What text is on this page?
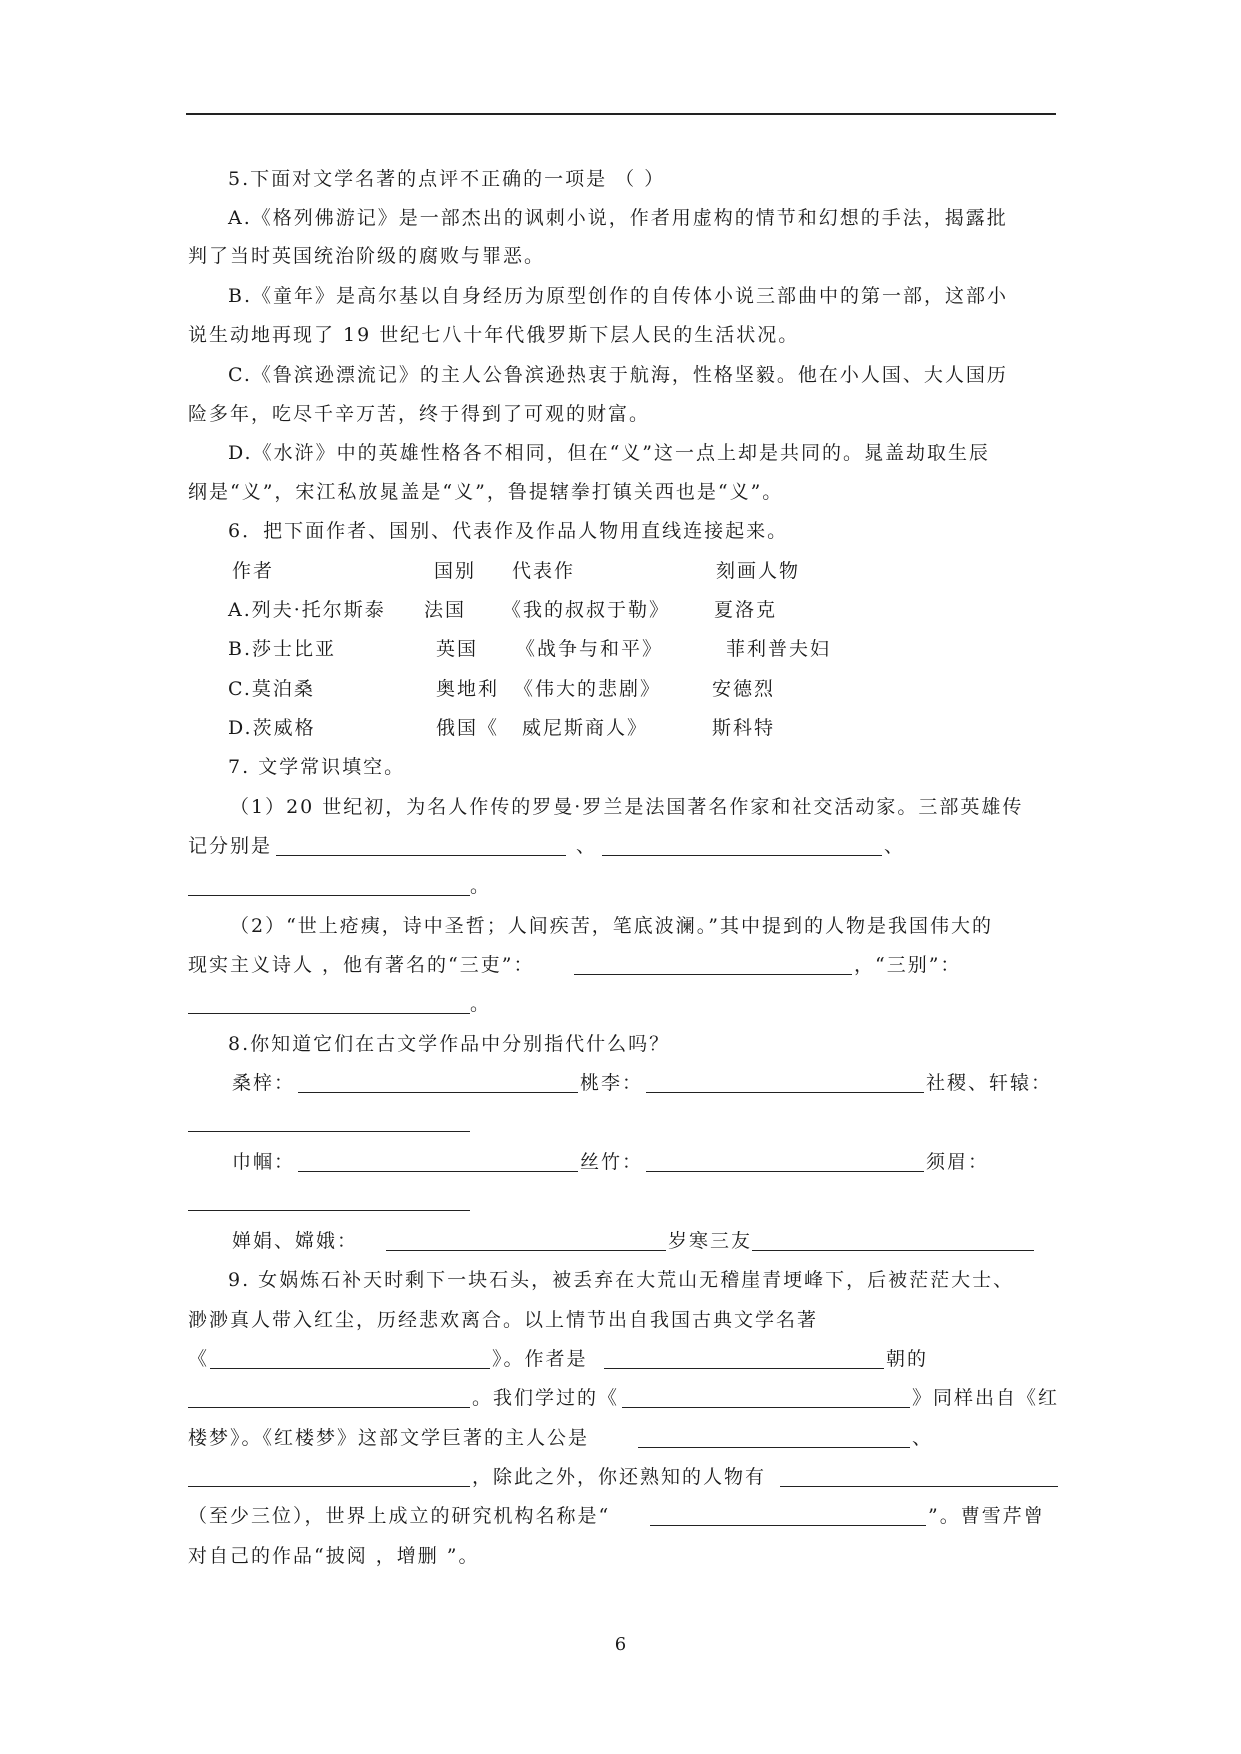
5.下面对文学名著的点评不正确的一项是 （ ）
A.《格列佛游记》是一部杰出的讽刺小说，作者用虚构的情节和幻想的手法，揭露批
判了当时英国统治阶级的腐败与罪恶。
B.《童年》是高尔基以自身经历为原型创作的自传体小说三部曲中的第一部，这部小
说生动地再现了 19 世纪七八十年代俄罗斯下层人民的生活状况。
C.《鲁滨逊漂流记》的主人公鲁滨逊热衷于航海，性格坚毅。他在小人国、大人国历
险多年，吃尽千辛万苦，终于得到了可观的财富。
D.《水浒》中的英雄性格各不相同，但在“义”这一点上却是共同的。晁盖劫取生辰
纲是“义”，宋江私放晁盖是“义”，鲁提辖拳打镇关西也是“义”。
6．把下面作者、国别、代表作及作品人物用直线连接起来。
作者	国别 代表作	刻画人物
A.列夫·托尔斯泰 法国 《我的叔叔于勒》 夏洛克
B.莎士比亚	英国 《战争与和平》	菲利普夫妇
C.莫泊桑	奥地利 《伟大的悲剧》	安德烈
D.茨威格	俄国《 威尼斯商人》	斯科特
7. 文学常识填空。
（1）20 世纪初，为名人作传的罗曼·罗兰是法国著名作家和社交活动家。三部英雄传
记分别是	、	、
。
（2）“世上疮痍，诗中圣哲；人间疾苦，笔底波澜。”其中提到的人物是我国伟大的
现实主义诗人 ，他有著名的“三吏”：	，“三别”：
。
8.你知道它们在古文学作品中分别指代什么吗？
桑梓：	桃李：	社稷、轩辕：
巾帼：	丝竹：	须眉：
婵娟、嫦娥：	岁寒三友
9. 女娲炼石补天时剩下一块石头，被丢弃在大荒山无稽崖青埂峰下，后被茫茫大士、
渺渺真人带入红尘，历经悲欢离合。以上情节出自我国古典文学名著
《	》。作者是	朝的
。我们学过的《	》同样出自《红
楼梦》。《红楼梦》这部文学巨著的主人公是	、
，除此之外，你还熟知的人物有
（至少三位），世界上成立的研究机构名称是“	”。曹雪芹曾
对自己的作品“披阅 ，增删 ”。
6
